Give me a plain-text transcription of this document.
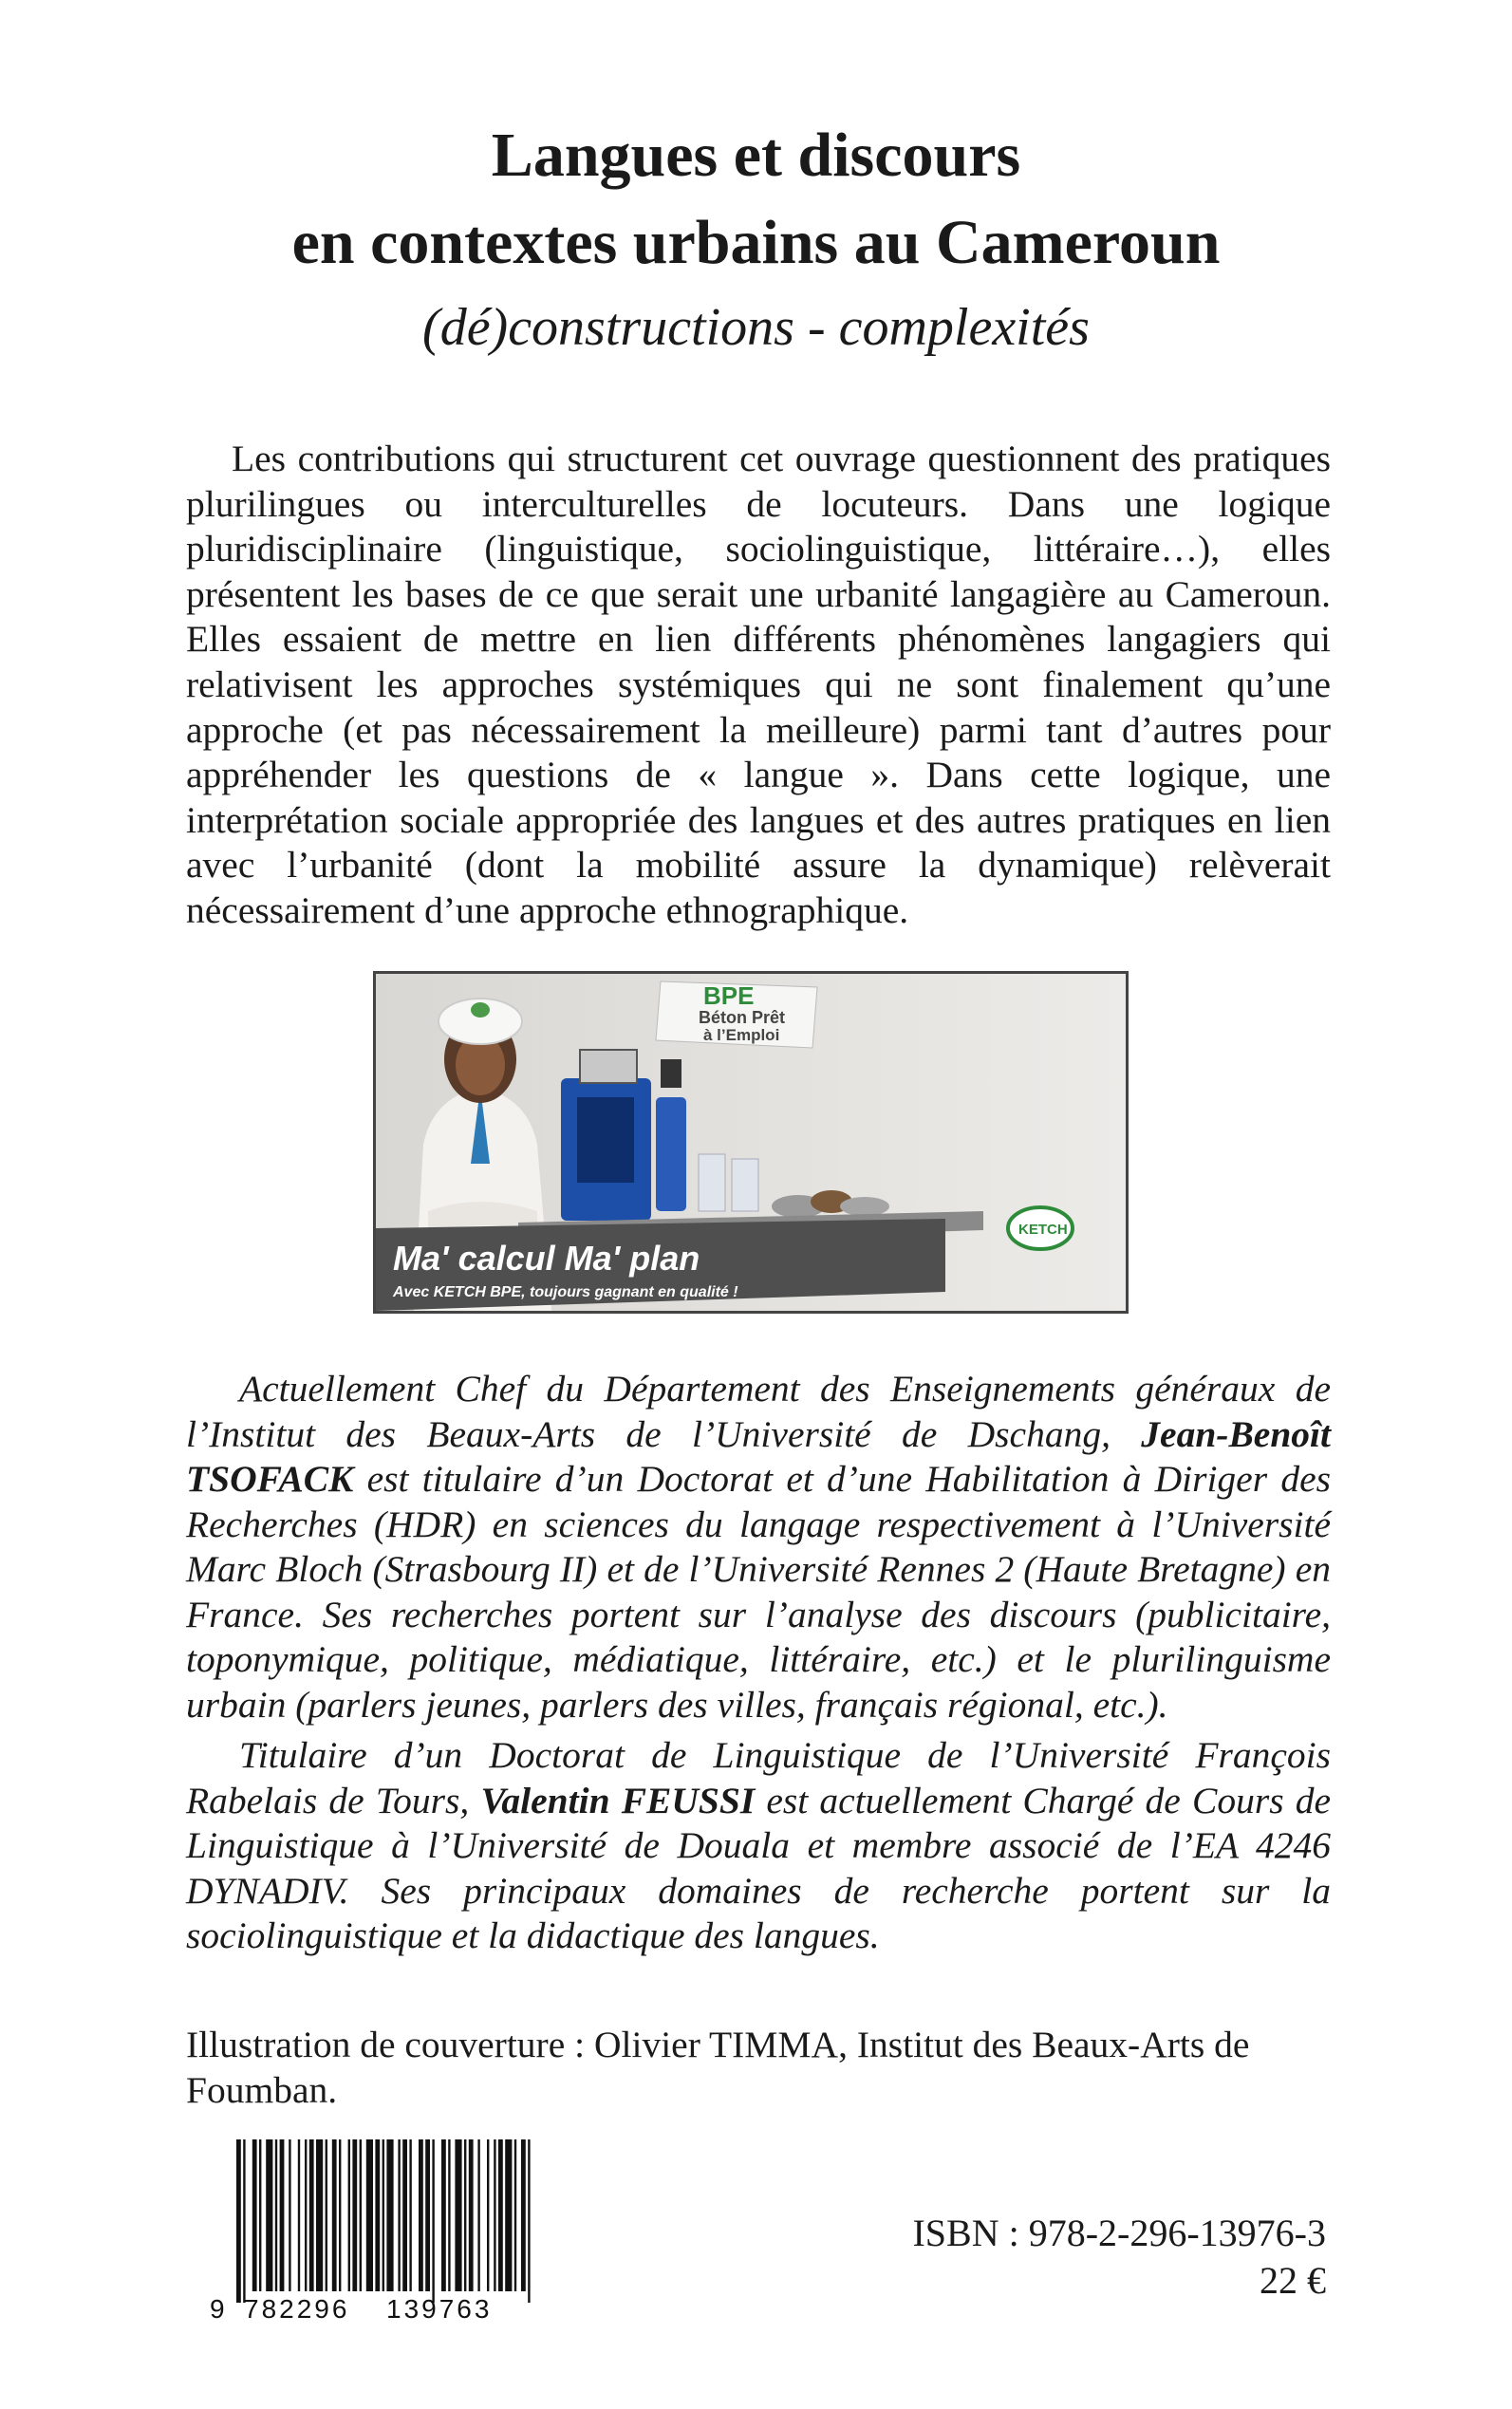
Langues et discours
en contextes urbains au Cameroun
(dé)constructions - complexités

Les contributions qui structurent cet ouvrage questionnent des pratiques plurilingues ou interculturelles de locuteurs. Dans une logique pluridisciplinaire (linguistique, sociolinguistique, littéraire…), elles présentent les bases de ce que serait une urbanité langagière au Cameroun. Elles essaient de mettre en lien différents phénomènes langagiers qui relativisent les approches systémiques qui ne sont finalement qu’une approche (et pas nécessairement la meilleure) parmi tant d’autres pour appréhender les questions de « langue ». Dans cette logique, une interprétation sociale appropriée des langues et des autres pratiques en lien avec l’urbanité (dont la mobilité assure la dynamique) relèverait nécessairement d’une approche ethnographique.

BPE
Béton Prêt
à l’Emploi
Ma' calcul Ma' plan
Avec KETCH BPE, toujours gagnant en qualité !
KETCH

Actuellement Chef du Département des Enseignements généraux de l’Institut des Beaux-Arts de l’Université de Dschang, Jean-Benoît TSOFACK est titulaire d’un Doctorat et d’une Habilitation à Diriger des Recherches (HDR) en sciences du langage respectivement à l’Université Marc Bloch (Strasbourg II) et de l’Université Rennes 2 (Haute Bretagne) en France. Ses recherches portent sur l’analyse des discours (publicitaire, toponymique, politique, médiatique, littéraire, etc.) et le plurilinguisme urbain (parlers jeunes, parlers des villes, français régional, etc.).

Titulaire d’un Doctorat de Linguistique de l’Université François Rabelais de Tours, Valentin FEUSSI est actuellement Chargé de Cours de Linguistique à l’Université de Douala et membre associé de l’EA 4246 DYNADIV. Ses principaux domaines de recherche portent sur la sociolinguistique et la didactique des langues.

Illustration de couverture : Olivier TIMMA, Institut des Beaux-Arts de Foumban.

9 782296 139763
ISBN : 978-2-296-13976-3
22 €
